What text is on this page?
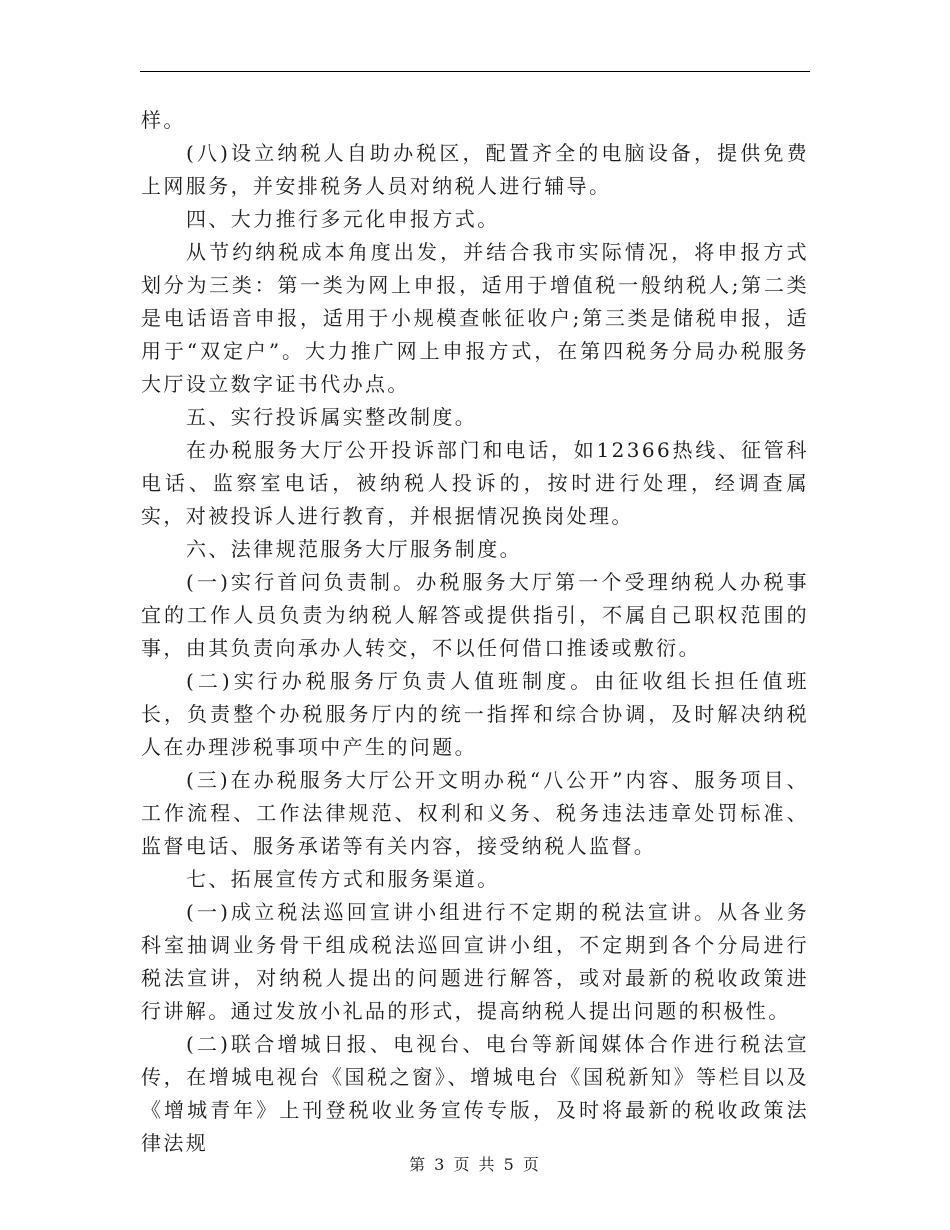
样。

(八)设立纳税人自助办税区，配置齐全的电脑设备，提供免费上网服务，并安排税务人员对纳税人进行辅导。

四、大力推行多元化申报方式。

从节约纳税成本角度出发，并结合我市实际情况，将申报方式划分为三类：第一类为网上申报，适用于增值税一般纳税人;第二类是电话语音申报，适用于小规模查帐征收户;第三类是储税申报，适用于“双定户”。大力推广网上申报方式，在第四税务分局办税服务大厅设立数字证书代办点。

五、实行投诉属实整改制度。

在办税服务大厅公开投诉部门和电话，如12366热线、征管科电话、监察室电话，被纳税人投诉的，按时进行处理，经调查属实，对被投诉人进行教育，并根据情况换岗处理。

六、法律规范服务大厅服务制度。

(一)实行首问负责制。办税服务大厅第一个受理纳税人办税事宜的工作人员负责为纳税人解答或提供指引，不属自己职权范围的事，由其负责向承办人转交，不以任何借口推诿或敷衍。

(二)实行办税服务厅负责人值班制度。由征收组长担任值班长，负责整个办税服务厅内的统一指挥和综合协调，及时解决纳税人在办理涉税事项中产生的问题。

(三)在办税服务大厅公开文明办税“八公开”内容、服务项目、工作流程、工作法律规范、权利和义务、税务违法违章处罚标准、监督电话、服务承诺等有关内容，接受纳税人监督。

七、拓展宣传方式和服务渠道。

(一)成立税法巡回宣讲小组进行不定期的税法宣讲。从各业务科室抽调业务骨干组成税法巡回宣讲小组，不定期到各个分局进行税法宣讲，对纳税人提出的问题进行解答，或对最新的税收政策进行讲解。通过发放小礼品的形式，提高纳税人提出问题的积极性。

(二)联合增城日报、电视台、电台等新闻媒体合作进行税法宣传，在增城电视台《国税之窗》、增城电台《国税新知》等栏目以及《增城青年》上刊登税收业务宣传专版，及时将最新的税收政策法律法规

第 3 页 共 5 页
